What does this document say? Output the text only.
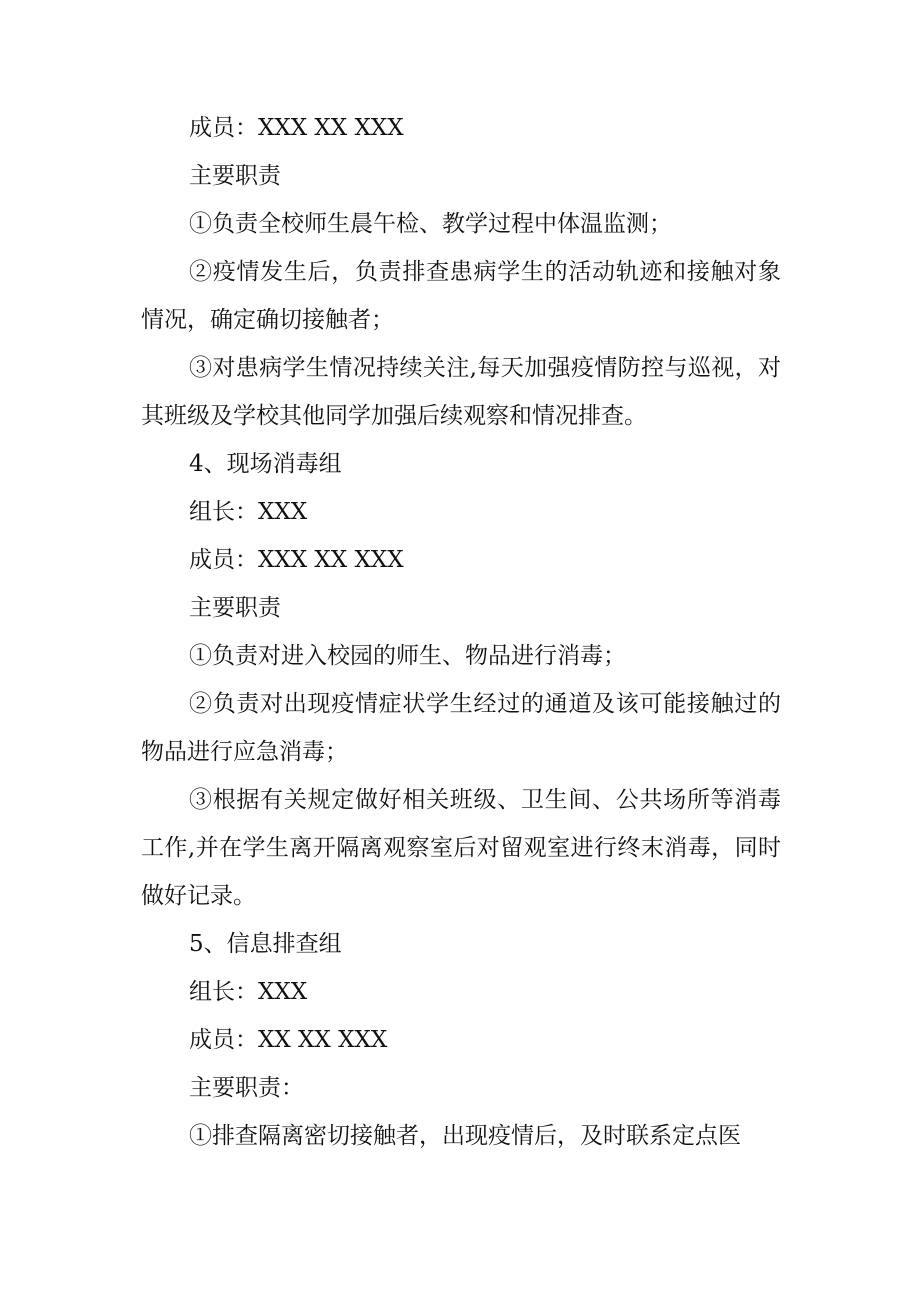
成员：XXX XX XXX

主要职责

①负责全校师生晨午检、教学过程中体温监测；

②疫情发生后，负责排查患病学生的活动轨迹和接触对象情况，确定确切接触者；

③对患病学生情况持续关注,每天加强疫情防控与巡视，对其班级及学校其他同学加强后续观察和情况排查。

4、现场消毒组

组长：XXX

成员：XXX XX XXX

主要职责

①负责对进入校园的师生、物品进行消毒；

②负责对出现疫情症状学生经过的通道及该可能接触过的物品进行应急消毒；

③根据有关规定做好相关班级、卫生间、公共场所等消毒工作,并在学生离开隔离观察室后对留观室进行终末消毒，同时做好记录。

5、信息排查组

组长：XXX

成员：XX XX XXX

主要职责：

①排查隔离密切接触者，出现疫情后，及时联系定点医
